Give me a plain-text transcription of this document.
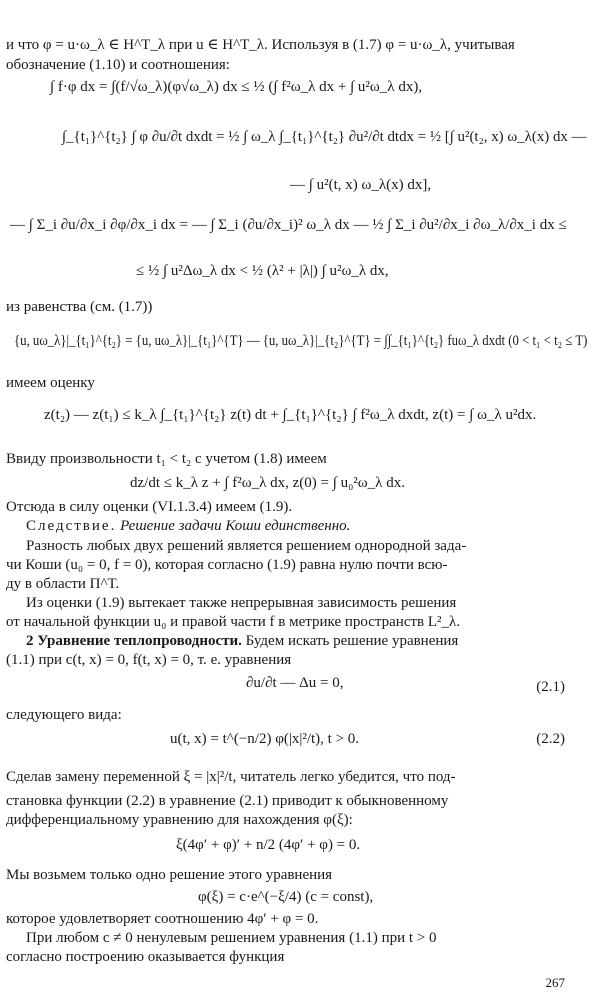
и что φ = u·ω_λ ∈ H^T_λ при u ∈ H^T_λ. Используя в (1.7) φ = u·ω_λ, учитывая
обозначение (1.10) и соотношения:
∫ f·φ dx = ∫(f/√ω_λ)(φ√ω_λ) dx ≤ ½ (∫ f²ω_λ dx + ∫ u²ω_λ dx),
∫_{t₁}^{t₂} ∫ φ ∂u/∂t dxdt = ½ ∫ ω_λ ∫_{t₁}^{t₂} ∂u²/∂t dtdx = ½ [∫ u²(t₂, x) ω_λ(x) dx —
— ∫ u²(t, x) ω_λ(x) dx],
— ∫ Σ_i ∂u/∂x_i ∂φ/∂x_i dx = — ∫ Σ_i (∂u/∂x_i)² ω_λ dx — ½ ∫ Σ_i ∂u²/∂x_i ∂ω_λ/∂x_i dx ≤
≤ ½ ∫ u²Δω_λ dx < ½ (λ² + |λ|) ∫ u²ω_λ dx,
из равенства (см. (1.7))
{u, uω_λ}|_{t₁}^{t₂} = {u, uω_λ}|_{t₁}^{T} — {u, uω_λ}|_{t₂}^{T} = ∫∫_{t₁}^{t₂} fuω_λ dxdt (0 < t₁ < t₂ ≤ T)
имеем оценку
z(t₂) — z(t₁) ≤ k_λ ∫_{t₁}^{t₂} z(t) dt + ∫_{t₁}^{t₂} ∫ f²ω_λ dxdt, z(t) = ∫ ω_λ u²dx.
Ввиду произвольности t₁ < t₂ с учетом (1.8) имеем
dz/dt ≤ k_λ z + ∫ f²ω_λ dx, z(0) = ∫ u₀²ω_λ dx.
Отсюда в силу оценки (VI.1.3.4) имеем (1.9).
Следствие. Решение задачи Коши единственно.
Разность любых двух решений является решением однородной зада-
чи Коши (u₀ = 0, f = 0), которая согласно (1.9) равна нулю почти всю-
ду в области Π^T.
Из оценки (1.9) вытекает также непрерывная зависимость решения
от начальной функции u₀ и правой части f в метрике пространств L²_λ.
2 Уравнение теплопроводности. Будем искать решение уравнения
(1.1) при c(t, x) = 0, f(t, x) = 0, т. е. уравнения
∂u/∂t — Δu = 0,	(2.1)
следующего вида:
u(t, x) = t^(−n/2) φ(|x|²/t), t > 0.	(2.2)
Сделав замену переменной ξ = |x|²/t, читатель легко убедится, что под-
становка функции (2.2) в уравнение (2.1) приводит к обыкновенному
дифференциальному уравнению для нахождения φ(ξ):
ξ(4φ′ + φ)′ + n/2 (4φ′ + φ) = 0.
Мы возьмем только одно решение этого уравнения
φ(ξ) = c·e^(−ξ/4) (c = const),
которое удовлетворяет соотношению 4φ′ + φ = 0.
При любом c ≠ 0 ненулевым решением уравнения (1.1) при t > 0
согласно построению оказывается функция
267
